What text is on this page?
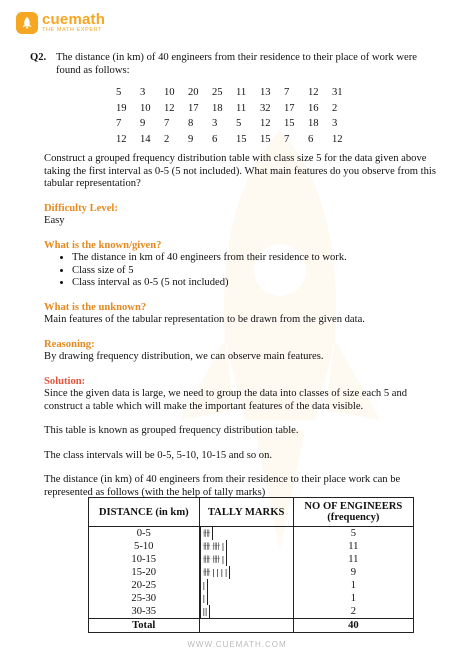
cuemath
THE MATH EXPERT
Q2. The distance (in km) of 40 engineers from their residence to their place of work were found as follows:
5	3	10	20	25	11	13	7	12	31
19	10	12	17	18	11	32	17	16	2
7	9	7	8	3	5	12	15	18	3
12	14	2	9	6	15	15	7	6	12

Construct a grouped frequency distribution table with class size 5 for the data given above taking the first interval as 0-5 (5 not included). What main features do you observe from this tabular representation?

Difficulty Level:

Easy

What is the known/given?

• The distance in km of 40 engineers from their residence to work.
• Class size of 5
• Class interval as 0-5 (5 not included)

What is the unknown?

Main features of the tabular representation to be drawn from the given data.

Reasoning:

By drawing frequency distribution, we can observe main features.

Solution:

Since the given data is large, we need to group the data into classes of size each 5 and construct a table which will make the important features of the data visible.

This table is known as grouped frequency distribution table.

The class intervals will be 0-5, 5-10, 10-15 and so on.

The distance (in km) of 40 engineers from their residence to their place work can be represented as follows (with the help of tally marks)

DISTANCE (in km)	TALLY MARKS	NO OF ENGINEERS
(frequency)
0-5		卌	5
5-10		卌 卌 |	11
10-15		卌 卌 |	11
15-20		卌 | | | |	9
20-25		|	1
25-30		|	1
30-35		||	2
Total		40
WWW.CUEMATH.COM
